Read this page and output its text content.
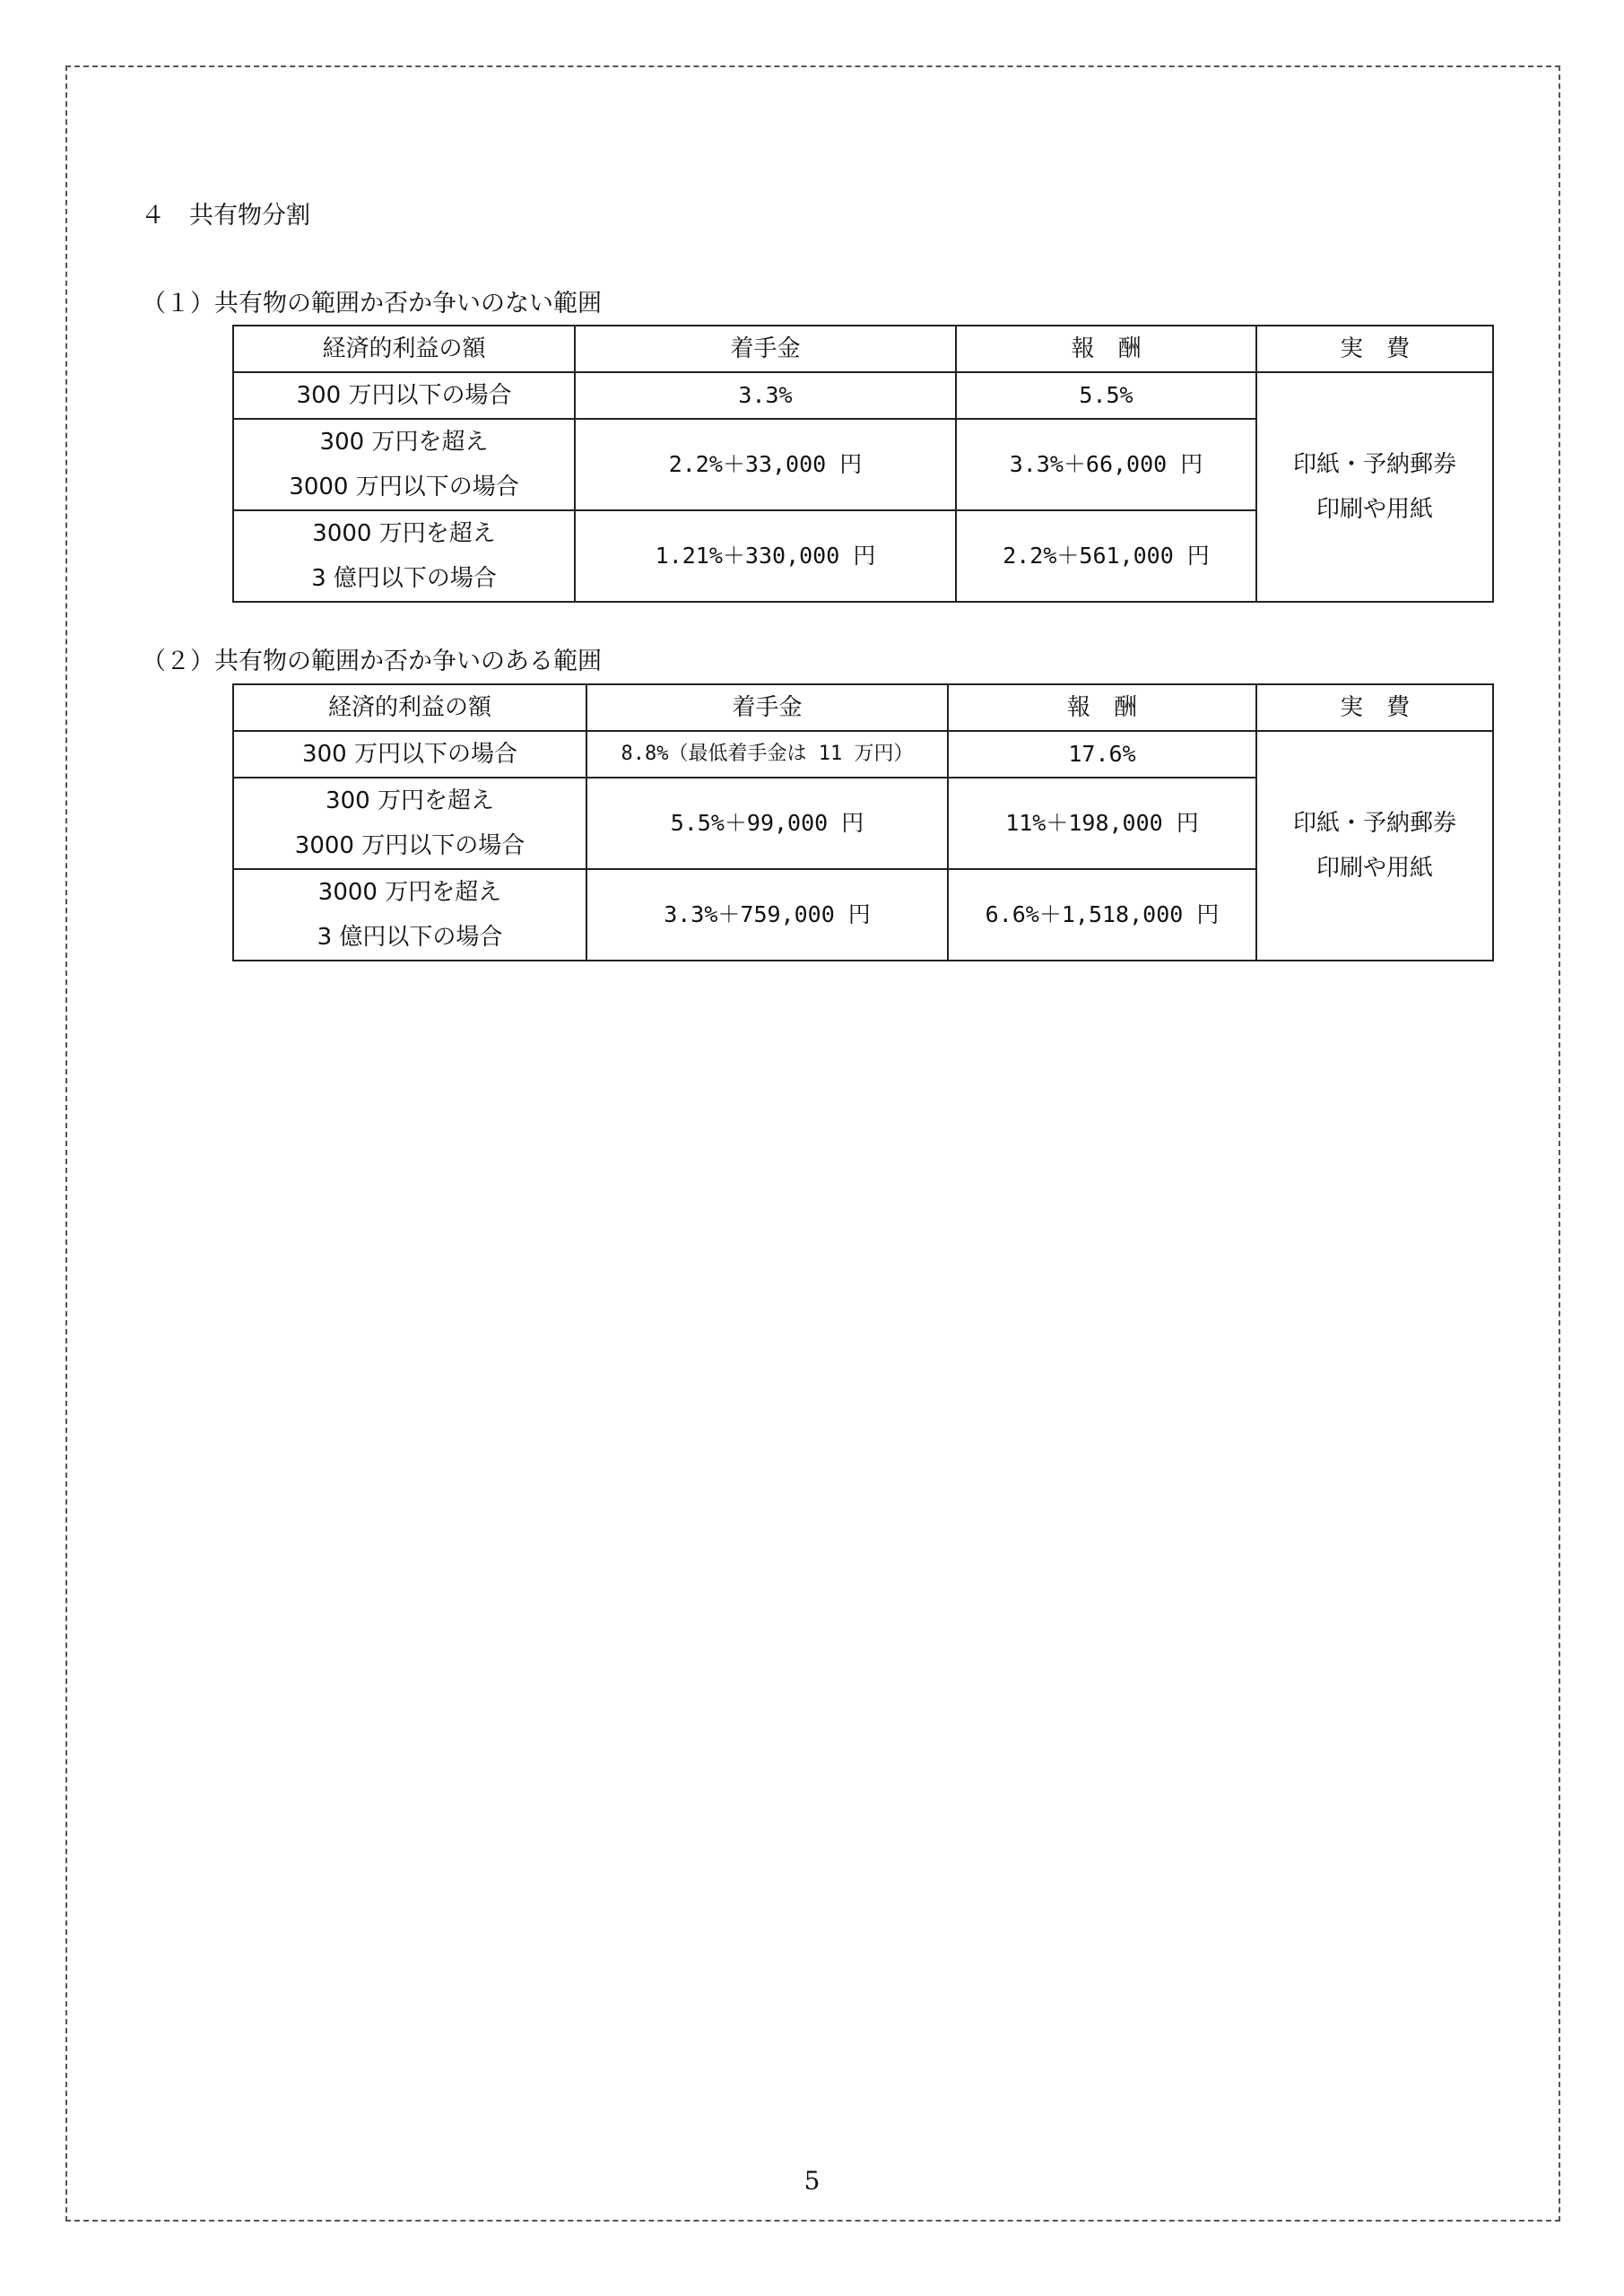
４　共有物分割
（１）共有物の範囲か否か争いのない範囲
経済的利益の額	着手金	報　酬	実　費
300 万円以下の場合	3.3%	5.5%	印紙・予納郵券
印刷や用紙

300 万円を超え
3000 万円以下の場合	2.2%＋33,000 円	3.3%＋66,000 円	

3000 万円を超え
3 億円以下の場合	1.21%＋330,000 円	2.2%＋561,000 円	
（２）共有物の範囲か否か争いのある範囲
経済的利益の額	着手金	報　酬	実　費
300 万円以下の場合	8.8%（最低着手金は 11 万円）	17.6%	印紙・予納郵券
印刷や用紙

300 万円を超え
3000 万円以下の場合	5.5%＋99,000 円	11%＋198,000 円	

3000 万円を超え
3 億円以下の場合	3.3%＋759,000 円	6.6%＋1,518,000 円	
5
